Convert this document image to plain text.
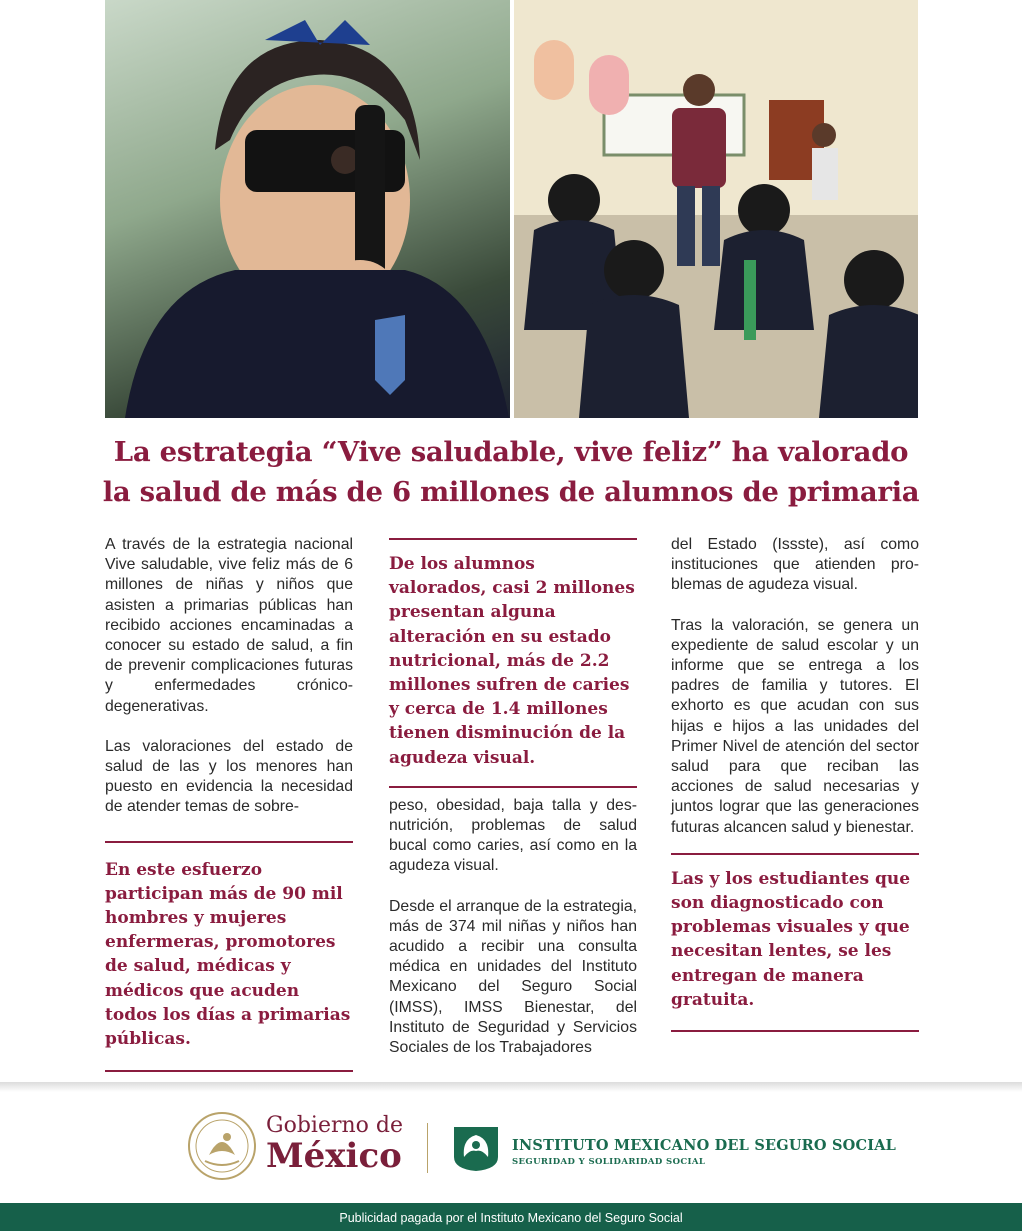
La estrategia “Vive saludable, vive feliz” ha valorado
la salud de más de 6 millones de alumnos de primaria

A través de la estrategia nacional Vive saludable, vive feliz más de 6 millones de niñas y niños que asisten a primarias públicas han recibido acciones encaminadas a conocer su estado de salud, a fin de prevenir complicaciones futuras y enfermedades crónico-degenerativas.

Las valoraciones del estado de salud de las y los menores han puesto en evidencia la necesidad de atender temas de sobre-

En este esfuerzo participan más de 90 mil hombres y mujeres enfermeras, promotores de salud, médicas y médicos que acuden todos los días a primarias públicas.

De los alumnos valorados, casi 2 millones presentan alguna alteración en su estado nutricional, más de 2.2 millones sufren de caries y cerca de 1.4 millones tienen disminución de la agudeza visual.

peso, obesidad, baja talla y desnutrición, problemas de salud bucal como caries, así como en la agudeza visual.

Desde el arranque de la estrategia, más de 374 mil niñas y niños han acudido a recibir una consulta médica en unidades del Instituto Mexicano del Seguro Social (IMSS), IMSS Bienestar, del Instituto de Seguridad y Servicios Sociales de los Trabajadores

del Estado (Issste), así como instituciones que atienden problemas de agudeza visual.

Tras la valoración, se genera un expediente de salud escolar y un informe que se entrega a los padres de familia y tutores. El exhorto es que acudan con sus hijas e hijos a las unidades del Primer Nivel de atención del sector salud para que reciban las acciones de salud necesarias y juntos lograr que las generaciones futuras alcancen salud y bienestar.

Las y los estudiantes que son diagnosticado con problemas visuales y que necesitan lentes, se les entregan de manera gratuita.

Gobierno de
México	INSTITUTO MEXICANO DEL SEGURO SOCIAL
SEGURIDAD Y SOLIDARIDAD SOCIAL
Publicidad pagada por el Instituto Mexicano del Seguro Social
